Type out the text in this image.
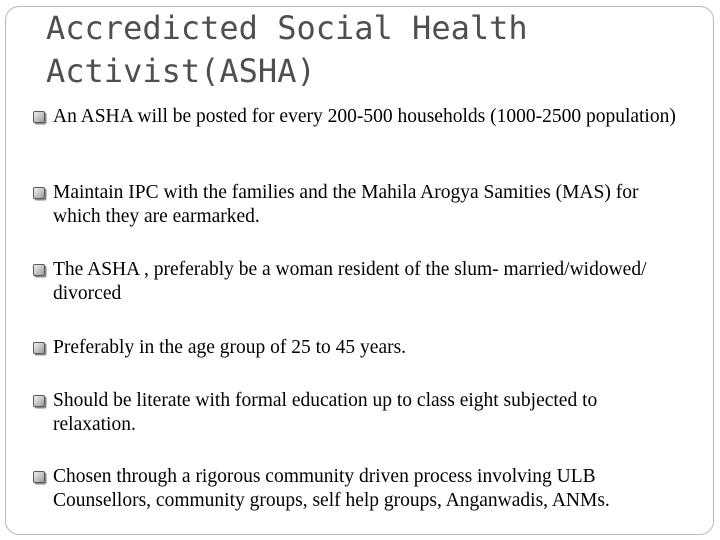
Accredicted Social Health
Activist(ASHA)
An ASHA will be posted for every 200-500 households (1000-2500 population)
Maintain IPC with the families and the Mahila Arogya Samities (MAS) for which they are earmarked.
The ASHA , preferably be a woman resident of the slum- married/widowed/ divorced
Preferably in the age group of 25 to 45 years.
Should be literate with formal education up to class eight subjected to relaxation.
Chosen through a rigorous community driven process involving ULB Counsellors, community groups, self help groups, Anganwadis, ANMs.
